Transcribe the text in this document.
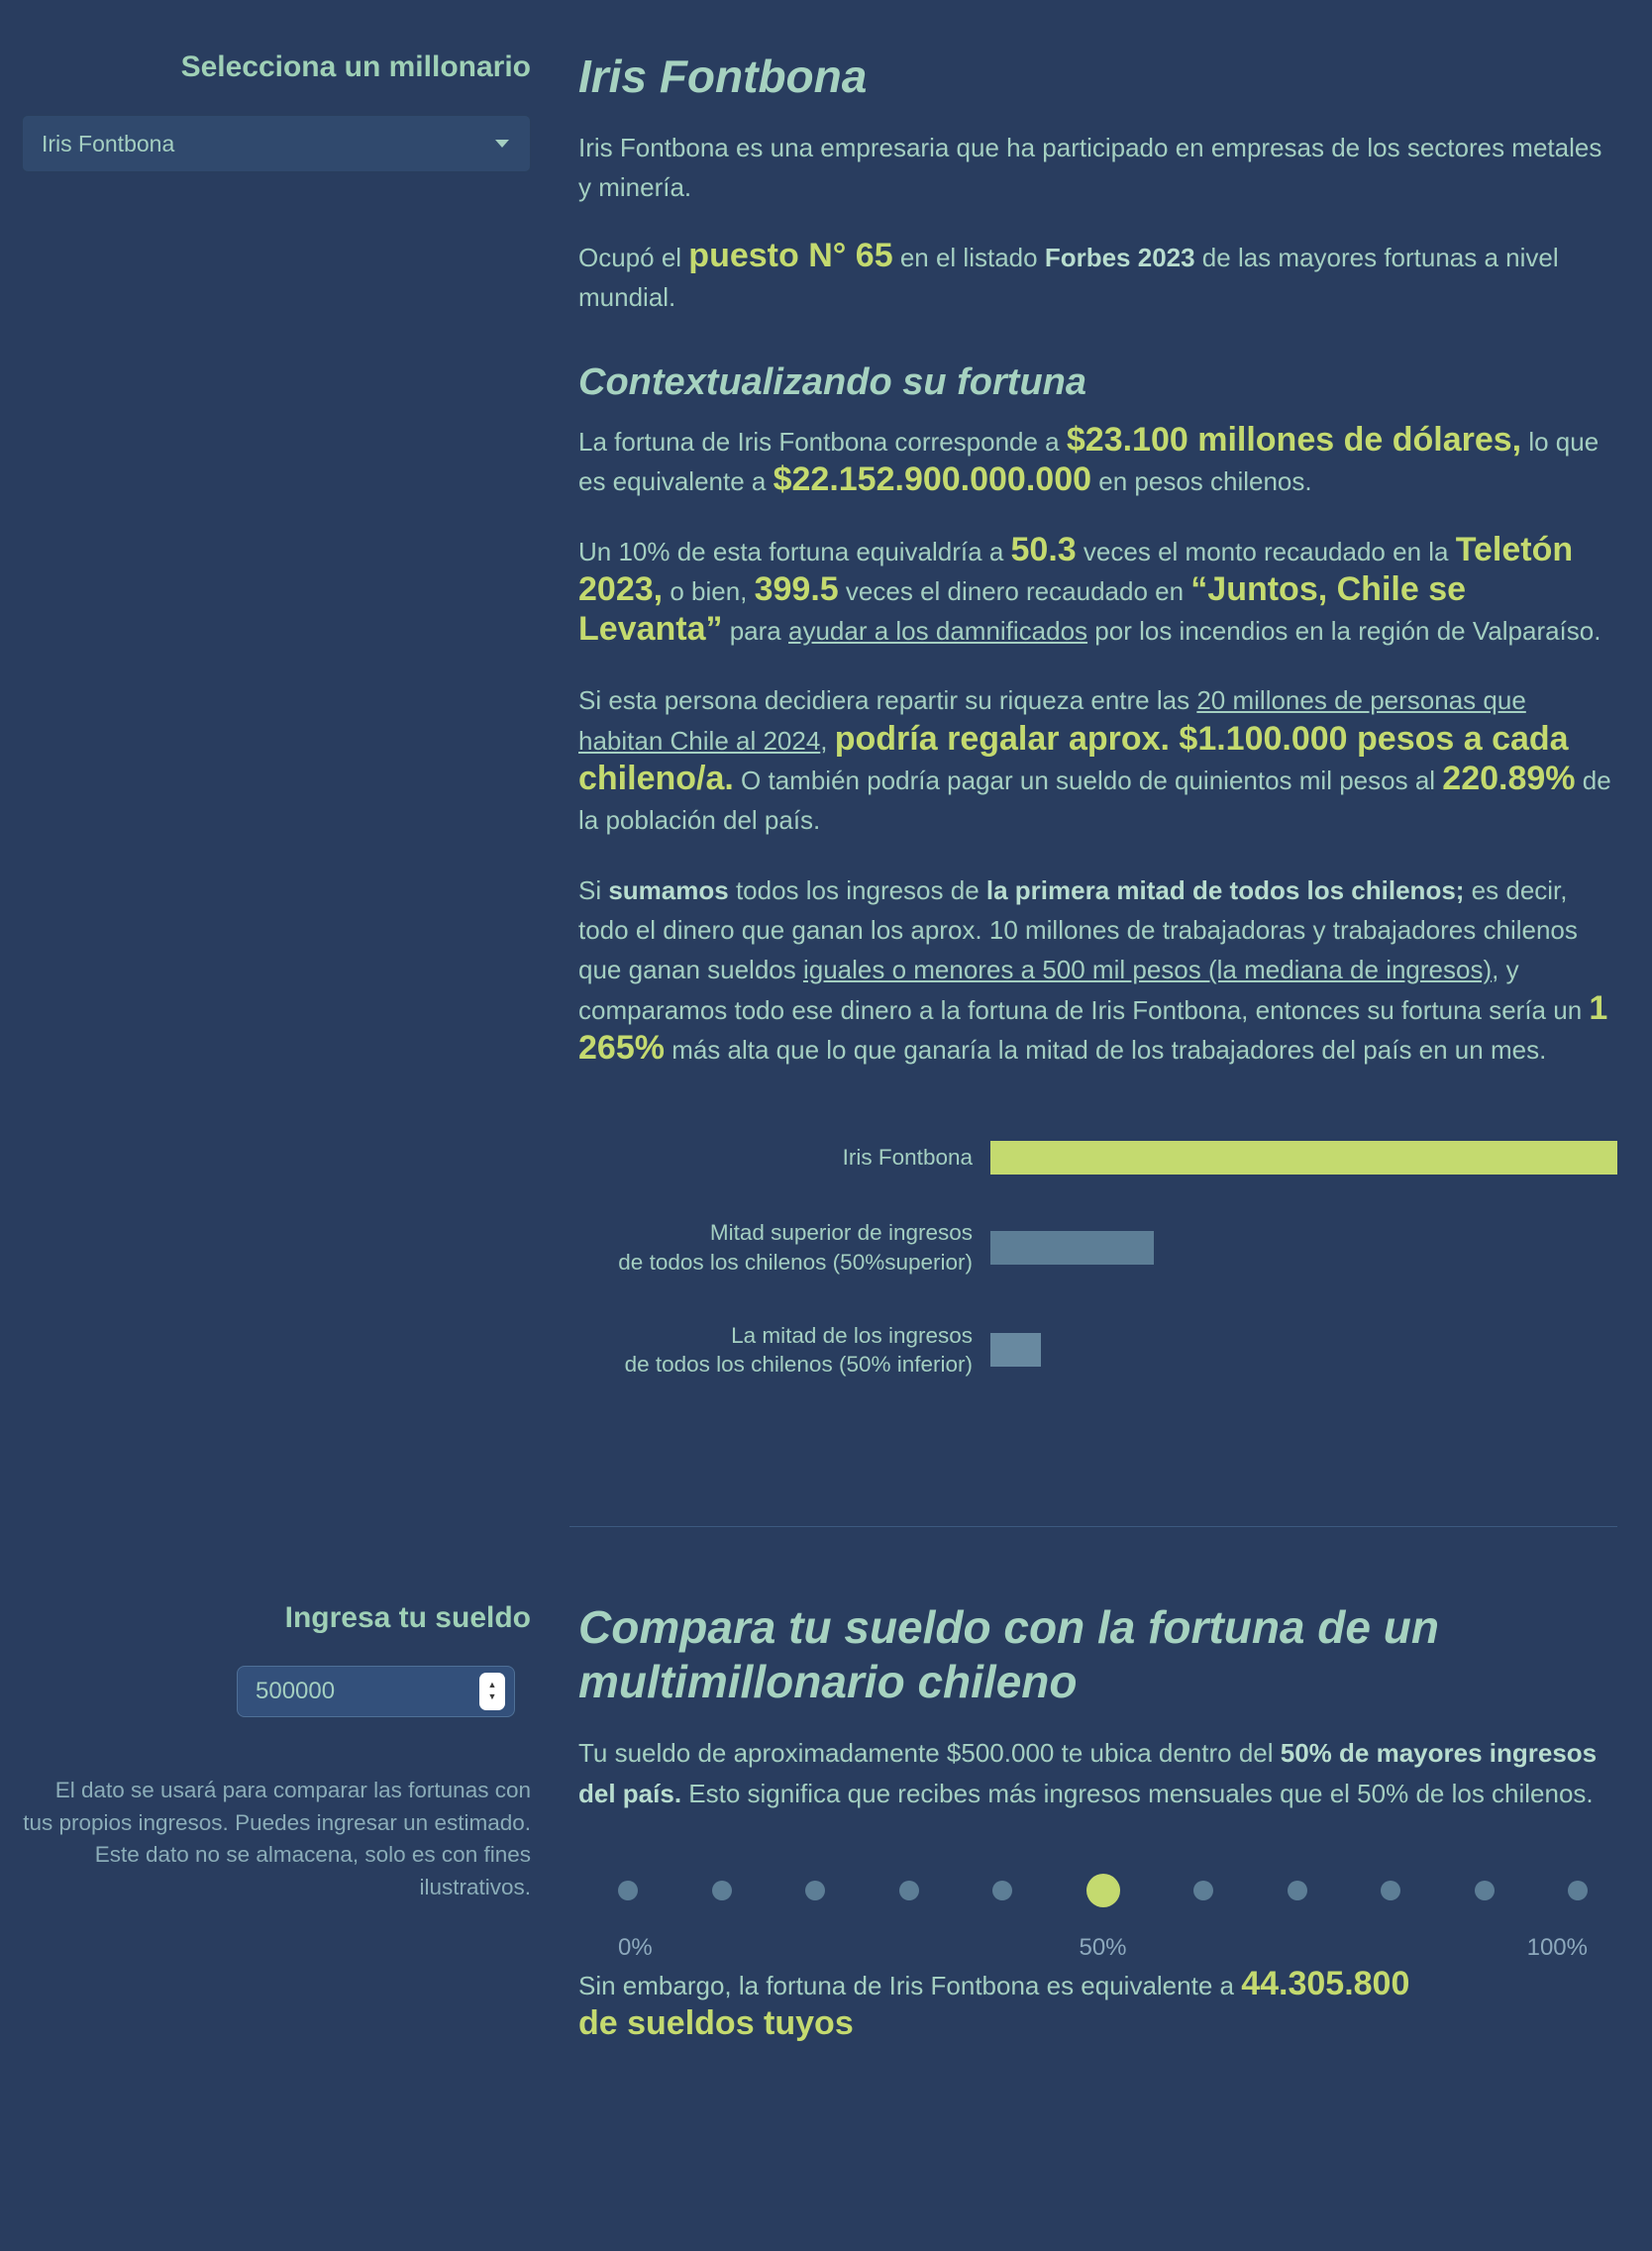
Selecciona un millonario
Iris Fontbona
Iris Fontbona

Iris Fontbona es una empresaria que ha participado en empresas de los sectores metales y minería.

Ocupó el puesto N° 65 en el listado Forbes 2023 de las mayores fortunas a nivel mundial.

Contextualizando su fortuna

La fortuna de Iris Fontbona corresponde a $23.100 millones de dólares, lo que es equivalente a $22.152.900.000.000 en pesos chilenos.

Un 10% de esta fortuna equivaldría a 50.3 veces el monto recaudado en la Teletón 2023, o bien, 399.5 veces el dinero recaudado en “Juntos, Chile se Levanta” para ayudar a los damnificados por los incendios en la región de Valparaíso.

Si esta persona decidiera repartir su riqueza entre las 20 millones de personas que habitan Chile al 2024, podría regalar aprox. $1.100.000 pesos a cada chileno/a. O también podría pagar un sueldo de quinientos mil pesos al 220.89% de la población del país.

Si sumamos todos los ingresos de la primera mitad de todos los chilenos; es decir, todo el dinero que ganan los aprox. 10 millones de trabajadoras y trabajadores chilenos que ganan sueldos iguales o menores a 500 mil pesos (la mediana de ingresos), y comparamos todo ese dinero a la fortuna de Iris Fontbona, entonces su fortuna sería un 1 265% más alta que lo que ganaría la mitad de los trabajadores del país en un mes.

Iris Fontbona
Mitad superior de ingresos
de todos los chilenos (50%superior)
La mitad de los ingresos
de todos los chilenos (50% inferior)
Ingresa tu sueldo
500000
▲
▼
El dato se usará para comparar las fortunas con tus propios ingresos. Puedes ingresar un estimado. Este dato no se almacena, solo es con fines ilustrativos.
Compara tu sueldo con la fortuna de un multimillonario chileno

Tu sueldo de aproximadamente $500.000 te ubica dentro del 50% de mayores ingresos del país. Esto significa que recibes más ingresos mensuales que el 50% de los chilenos.

0%	50%	100%

Sin embargo, la fortuna de Iris Fontbona es equivalente a 44.305.800
de sueldos tuyos
